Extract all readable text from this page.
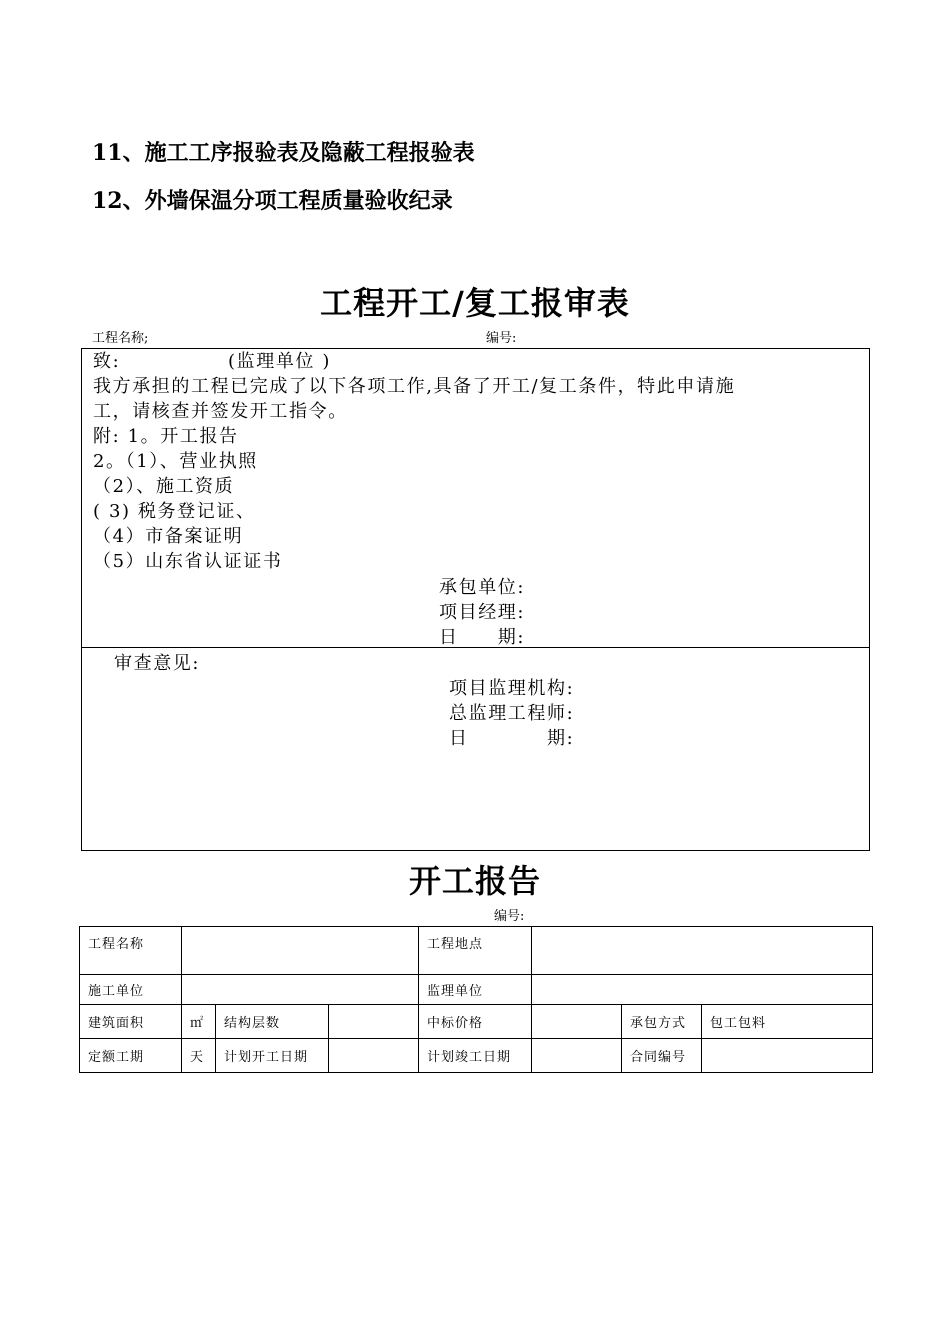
11、施工工序报验表及隐蔽工程报验表
12、外墙保温分项工程质量验收纪录
工程开工/复工报审表
工程名称;	编号:
致:	(监理单位 )
我方承担的工程已完成了以下各项工作,具备了开工/复工条件，特此申请施
工，请核查并签发开工指令。
附: 1。开工报告
2。（1）、营业执照
（2）、施工资质
( 3) 税务登记证、
（4）市备案证明
（5）山东省认证证书
承包单位:
项目经理:
日　　期:
审查意见:
项目监理机构:
总监理工程师:
日　　　　期:
开工报告
编号:
工程名称				工程地点			
施工单位				监理单位			
建筑面积	㎡	结构层数		中标价格		承包方式	包工包料
定额工期	天	计划开工日期		计划竣工日期		合同编号	
